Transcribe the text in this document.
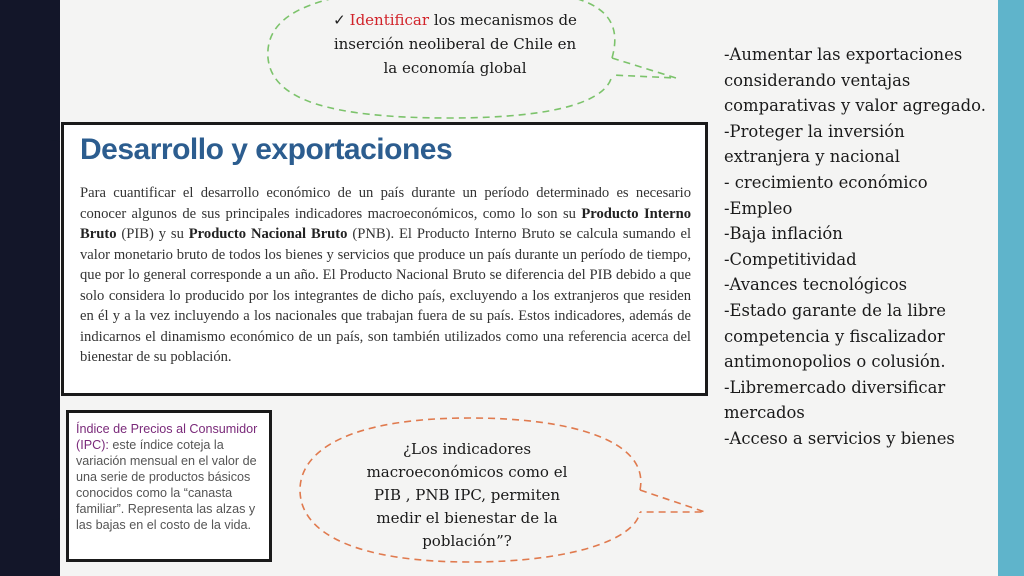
✓ Identificar los mecanismos de inserción neoliberal de Chile en la economía global
Desarrollo y exportaciones
Para cuantificar el desarrollo económico de un país durante un período determinado es necesario conocer algunos de sus principales indicadores macroeconómicos, como lo son su Producto Interno Bruto (PIB) y su Producto Nacional Bruto (PNB). El Producto Interno Bruto se calcula sumando el valor monetario bruto de todos los bienes y servicios que produce un país durante un período de tiempo, que por lo general corresponde a un año. El Producto Nacional Bruto se diferencia del PIB debido a que solo considera lo producido por los integrantes de dicho país, excluyendo a los extranjeros que residen en él y a la vez incluyendo a los nacionales que trabajan fuera de su país. Estos indicadores, además de indicarnos el dinamismo económico de un país, son también utilizados como una referencia acerca del bienestar de su población.
Índice de Precios al Consumidor (IPC): este índice coteja la variación mensual en el valor de una serie de productos básicos conocidos como la “canasta familiar”. Representa las alzas y las bajas en el costo de la vida.
¿Los indicadores macroeconómicos como el PIB , PNB IPC, permiten medir el bienestar de la población”?
-Aumentar las exportaciones considerando ventajas comparativas y valor agregado.
-Proteger la inversión extranjera y nacional
- crecimiento económico
-Empleo
-Baja inflación
-Competitividad
-Avances tecnológicos
-Estado garante de la libre competencia y fiscalizador antimonopolios o colusión.
-Libremercado diversificar mercados
-Acceso a servicios y bienes
